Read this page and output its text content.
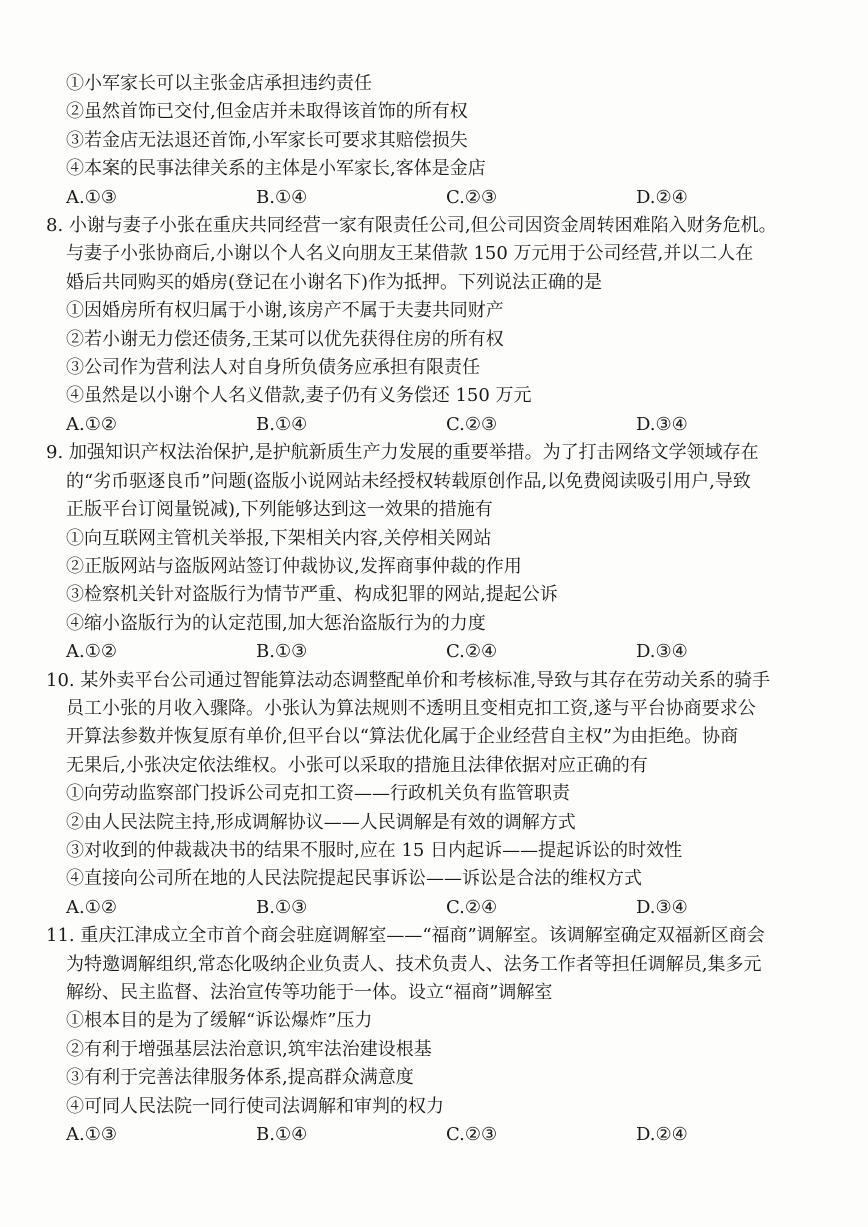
①小军家长可以主张金店承担违约责任
②虽然首饰已交付,但金店并未取得该首饰的所有权
③若金店无法退还首饰,小军家长可要求其赔偿损失
④本案的民事法律关系的主体是小军家长,客体是金店
A.①③	B.①④	C.②③	D.②④
8. 小谢与妻子小张在重庆共同经营一家有限责任公司,但公司因资金周转困难陷入财务危机。
与妻子小张协商后,小谢以个人名义向朋友王某借款 150 万元用于公司经营,并以二人在
婚后共同购买的婚房(登记在小谢名下)作为抵押。下列说法正确的是
①因婚房所有权归属于小谢,该房产不属于夫妻共同财产
②若小谢无力偿还债务,王某可以优先获得住房的所有权
③公司作为营利法人对自身所负债务应承担有限责任
④虽然是以小谢个人名义借款,妻子仍有义务偿还 150 万元
A.①②	B.①④	C.②③	D.③④
9. 加强知识产权法治保护,是护航新质生产力发展的重要举措。为了打击网络文学领域存在
的“劣币驱逐良币”问题(盗版小说网站未经授权转载原创作品,以免费阅读吸引用户,导致
正版平台订阅量锐减),下列能够达到这一效果的措施有
①向互联网主管机关举报,下架相关内容,关停相关网站
②正版网站与盗版网站签订仲裁协议,发挥商事仲裁的作用
③检察机关针对盗版行为情节严重、构成犯罪的网站,提起公诉
④缩小盗版行为的认定范围,加大惩治盗版行为的力度
A.①②	B.①③	C.②④	D.③④
10. 某外卖平台公司通过智能算法动态调整配单价和考核标准,导致与其存在劳动关系的骑手
员工小张的月收入骤降。小张认为算法规则不透明且变相克扣工资,遂与平台协商要求公
开算法参数并恢复原有单价,但平台以“算法优化属于企业经营自主权”为由拒绝。协商
无果后,小张决定依法维权。小张可以采取的措施且法律依据对应正确的有
①向劳动监察部门投诉公司克扣工资——行政机关负有监管职责
②由人民法院主持,形成调解协议——人民调解是有效的调解方式
③对收到的仲裁裁决书的结果不服时,应在 15 日内起诉——提起诉讼的时效性
④直接向公司所在地的人民法院提起民事诉讼——诉讼是合法的维权方式
A.①②	B.①③	C.②④	D.③④
11. 重庆江津成立全市首个商会驻庭调解室——“福商”调解室。该调解室确定双福新区商会
为特邀调解组织,常态化吸纳企业负责人、技术负责人、法务工作者等担任调解员,集多元
解纷、民主监督、法治宣传等功能于一体。设立“福商”调解室
①根本目的是为了缓解“诉讼爆炸”压力
②有利于增强基层法治意识,筑牢法治建设根基
③有利于完善法律服务体系,提高群众满意度
④可同人民法院一同行使司法调解和审判的权力
A.①③	B.①④	C.②③	D.②④
